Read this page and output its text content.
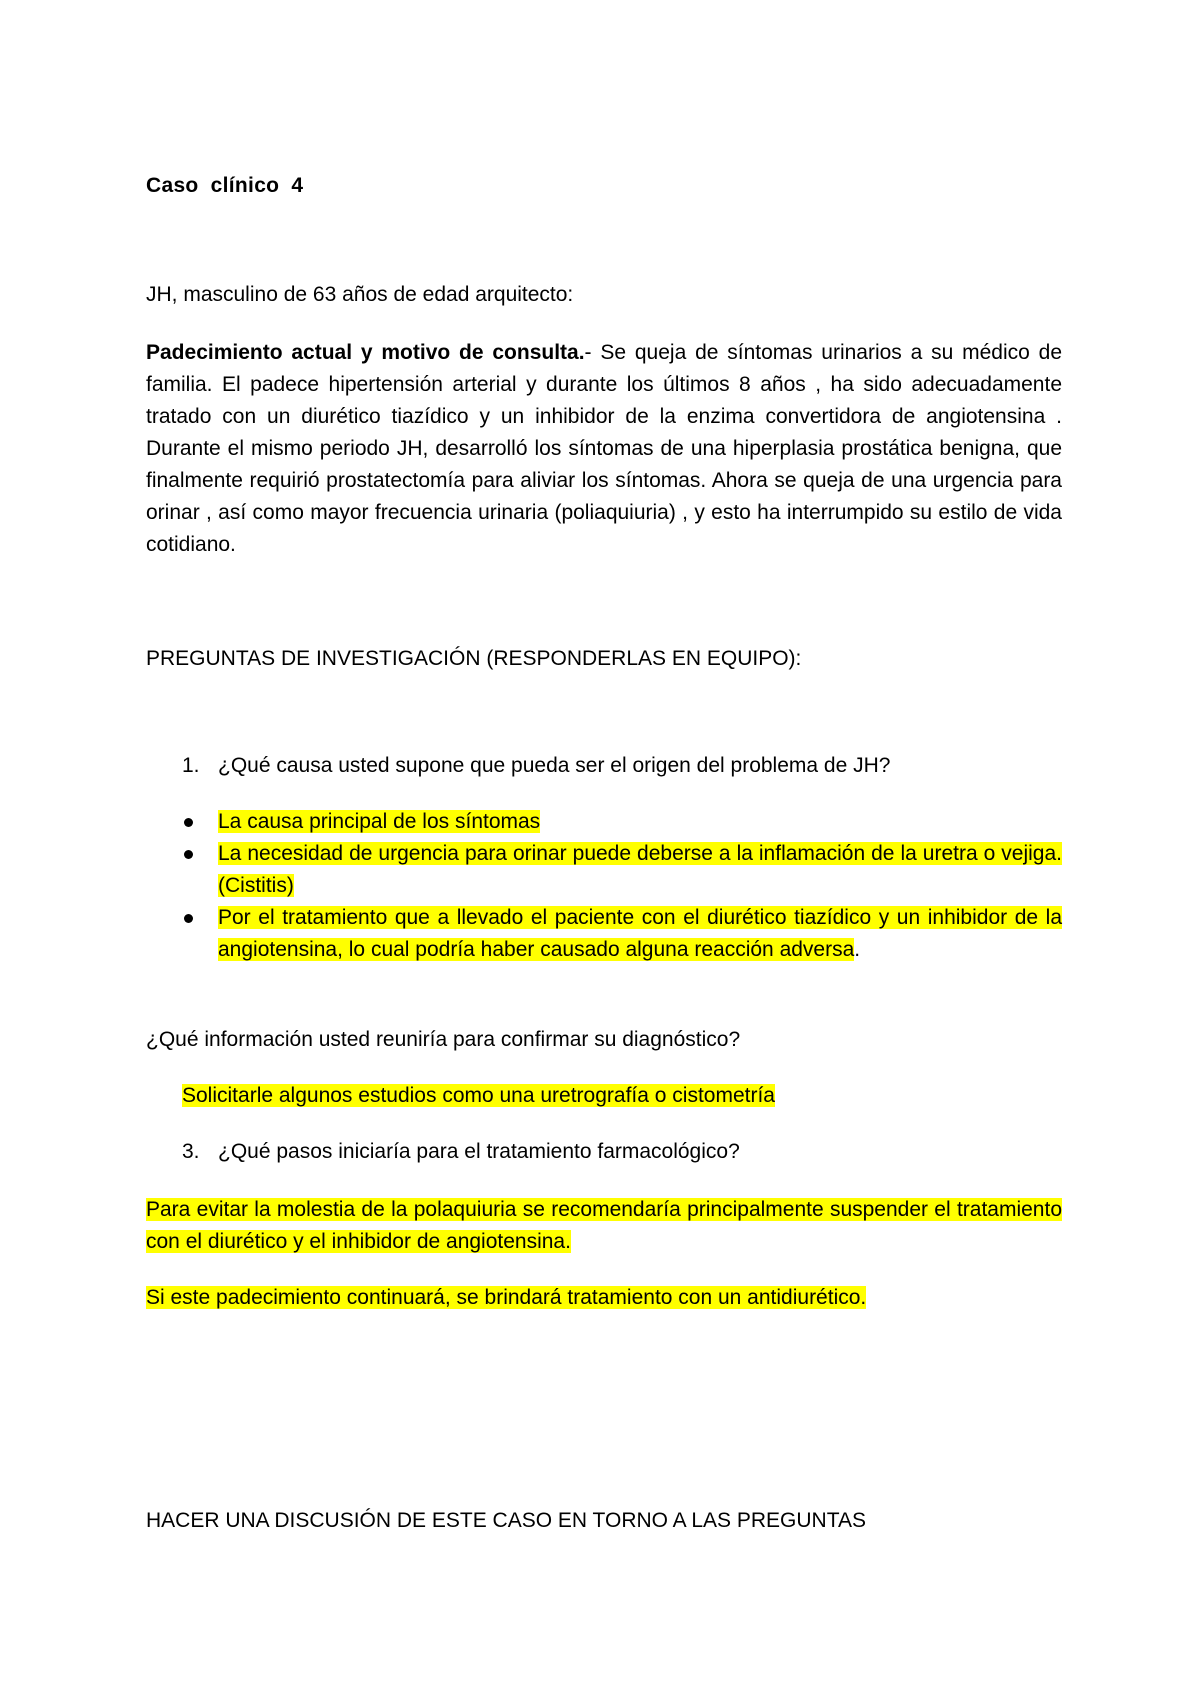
Caso clínico 4
JH, masculino de 63 años de edad arquitecto:

Padecimiento actual y motivo de consulta.- Se queja de síntomas urinarios a su médico de familia. El padece hipertensión arterial y durante los últimos 8 años , ha sido adecuadamente tratado con un diurético tiazídico y un inhibidor de la enzima convertidora de angiotensina . Durante el mismo periodo JH, desarrolló los síntomas de una hiperplasia prostática benigna, que finalmente requirió prostatectomía para aliviar los síntomas. Ahora se queja de una urgencia para orinar , así como mayor frecuencia urinaria (poliaquiuria) , y esto ha interrumpido su estilo de vida cotidiano.

PREGUNTAS DE INVESTIGACIÓN (RESPONDERLAS EN EQUIPO):
1. ¿Qué causa usted supone que pueda ser el origen del problema de JH?

La causa principal de los síntomas

La necesidad de urgencia para orinar puede deberse a la inflamación de la uretra o vejiga. (Cistitis)

Por el tratamiento que a llevado el paciente con el diurético tiazídico y un inhibidor de la angiotensina, lo cual podría haber causado alguna reacción adversa.

¿Qué información usted reuniría para confirmar su diagnóstico?
Solicitarle algunos estudios como una uretrografía o cistometría
3. ¿Qué pasos iniciaría para el tratamiento farmacológico?

Para evitar la molestia de la polaquiuria se recomendaría principalmente suspender el tratamiento con el diurético y el inhibidor de angiotensina.

Si este padecimiento continuará, se brindará tratamiento con un antidiurético.
HACER UNA DISCUSIÓN DE ESTE CASO EN TORNO A LAS PREGUNTAS
